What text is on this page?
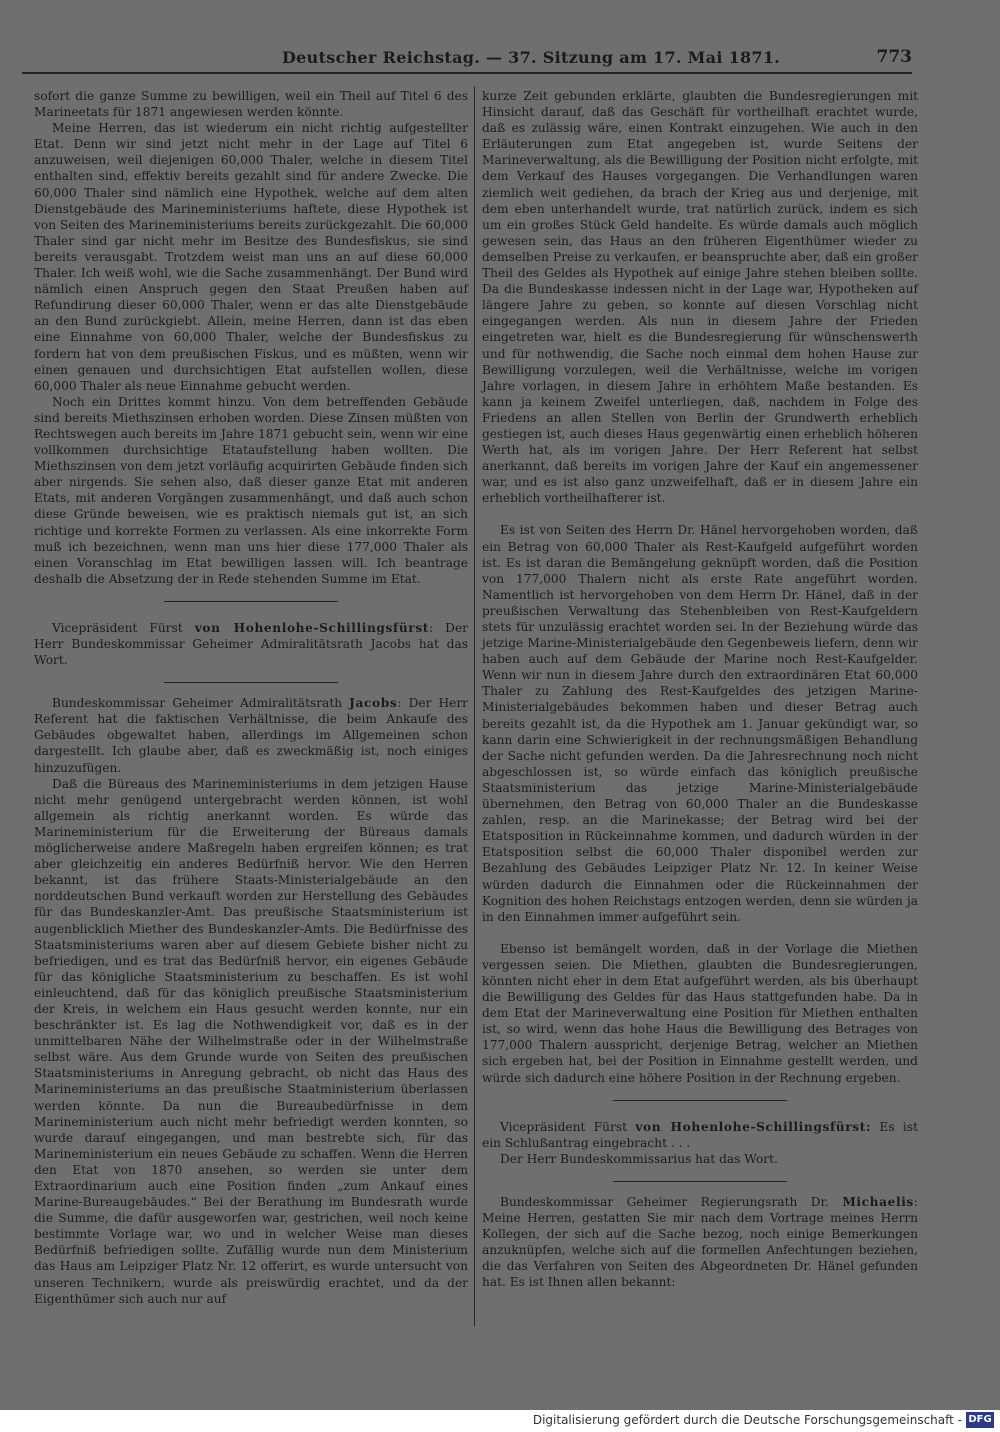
Deutscher Reichstag. — 37. Sitzung am 17. Mai 1871.	773

sofort die ganze Summe zu bewilligen, weil ein Theil auf Titel 6 des Marineetats für 1871 angewiesen werden könnte.

Meine Herren, das ist wiederum ein nicht richtig aufgestellter Etat. Denn wir sind jetzt nicht mehr in der Lage auf Titel 6 anzuweisen, weil diejenigen 60,000 Thaler, welche in diesem Titel enthalten sind, effektiv bereits gezahlt sind für andere Zwecke. Die 60,000 Thaler sind nämlich eine Hypothek, welche auf dem alten Dienstgebäude des Marineministeriums haftete, diese Hypothek ist von Seiten des Marineministeriums bereits zurückgezahlt. Die 60,000 Thaler sind gar nicht mehr im Besitze des Bundesfiskus, sie sind bereits verausgabt. Trotzdem weist man uns an auf diese 60,000 Thaler. Ich weiß wohl, wie die Sache zusammenhängt. Der Bund wird nämlich einen Anspruch gegen den Staat Preußen haben auf Refundirung dieser 60,000 Thaler, wenn er das alte Dienstgebäude an den Bund zurückgiebt. Allein, meine Herren, dann ist das eben eine Einnahme von 60,000 Thaler, welche der Bundesfiskus zu fordern hat von dem preußischen Fiskus, und es müßten, wenn wir einen genauen und durchsichtigen Etat aufstellen wollen, diese 60,000 Thaler als neue Einnahme gebucht werden.

Noch ein Drittes kommt hinzu. Von dem betreffenden Gebäude sind bereits Miethszinsen erhoben worden. Diese Zinsen müßten von Rechtswegen auch bereits im Jahre 1871 gebucht sein, wenn wir eine vollkommen durchsichtige Etataufstellung haben wollten. Die Miethszinsen von dem jetzt vorläufig acquirirten Gebäude finden sich aber nirgends. Sie sehen also, daß dieser ganze Etat mit anderen Etats, mit anderen Vorgängen zusammenhängt, und daß auch schon diese Gründe beweisen, wie es praktisch niemals gut ist, an sich richtige und korrekte Formen zu verlassen. Als eine inkorrekte Form muß ich bezeichnen, wenn man uns hier diese 177,000 Thaler als einen Voranschlag im Etat bewilligen lassen will. Ich beantrage deshalb die Absetzung der in Rede stehenden Summe im Etat.

Vicepräsident Fürst von Hohenlohe-Schillingsfürst: Der Herr Bundeskommissar Geheimer Admiralitätsrath Jacobs hat das Wort.

Bundeskommissar Geheimer Admiralitätsrath Jacobs: Der Herr Referent hat die faktischen Verhältnisse, die beim Ankaufe des Gebäudes obgewaltet haben, allerdings im Allgemeinen schon dargestellt. Ich glaube aber, daß es zweckmäßig ist, noch einiges hinzuzufügen.

Daß die Büreaus des Marineministeriums in dem jetzigen Hause nicht mehr genügend untergebracht werden können, ist wohl allgemein als richtig anerkannt worden. Es würde das Marineministerium für die Erweiterung der Büreaus damals möglicherweise andere Maßregeln haben ergreifen können; es trat aber gleichzeitig ein anderes Bedürfniß hervor. Wie den Herren bekannt, ist das frühere Staats-Ministerialgebäude an den norddeutschen Bund verkauft worden zur Herstellung des Gebäudes für das Bundeskanzler-Amt. Das preußische Staatsministerium ist augenblicklich Miether des Bundeskanzler-Amts. Die Bedürfnisse des Staatsministeriums waren aber auf diesem Gebiete bisher nicht zu befriedigen, und es trat das Bedürfniß hervor, ein eigenes Gebäude für das königliche Staatsministerium zu beschaffen. Es ist wohl einleuchtend, daß für das königlich preußische Staatsministerium der Kreis, in welchem ein Haus gesucht werden konnte, nur ein beschränkter ist. Es lag die Nothwendigkeit vor, daß es in der unmittelbaren Nähe der Wilhelmstraße oder in der Wilhelmstraße selbst wäre. Aus dem Grunde wurde von Seiten des preußischen Staatsministeriums in Anregung gebracht, ob nicht das Haus des Marineministeriums an das preußische Staatministerium überlassen werden könnte. Da nun die Bureaubedürfnisse in dem Marineministerium auch nicht mehr befriedigt werden konnten, so wurde darauf eingegangen, und man bestrebte sich, für das Marineministerium ein neues Gebäude zu schaffen. Wenn die Herren den Etat von 1870 ansehen, so werden sie unter dem Extraordinarium auch eine Position finden „zum Ankauf eines Marine-Bureaugebäudes.“ Bei der Berathung im Bundesrath wurde die Summe, die dafür ausgeworfen war, gestrichen, weil noch keine bestimmte Vorlage war, wo und in welcher Weise man dieses Bedürfniß befriedigen sollte. Zufällig wurde nun dem Ministerium das Haus am Leipziger Platz Nr. 12 offerirt, es wurde untersucht von unseren Technikern, wurde als preiswürdig erachtet, und da der Eigenthümer sich auch nur auf

kurze Zeit gebunden erklärte, glaubten die Bundesregierungen mit Hinsicht darauf, daß das Geschäft für vortheilhaft erachtet wurde, daß es zulässig wäre, einen Kontrakt einzugehen. Wie auch in den Erläuterungen zum Etat angegeben ist, wurde Seitens der Marineverwaltung, als die Bewilligung der Position nicht erfolgte, mit dem Verkauf des Hauses vorgegangen. Die Verhandlungen waren ziemlich weit gediehen, da brach der Krieg aus und derjenige, mit dem eben unterhandelt wurde, trat natürlich zurück, indem es sich um ein großes Stück Geld handelte. Es würde damals auch möglich gewesen sein, das Haus an den früheren Eigenthümer wieder zu demselben Preise zu verkaufen, er beanspruchte aber, daß ein großer Theil des Geldes als Hypothek auf einige Jahre stehen bleiben sollte. Da die Bundeskasse indessen nicht in der Lage war, Hypotheken auf längere Jahre zu geben, so konnte auf diesen Vorschlag nicht eingegangen werden. Als nun in diesem Jahre der Frieden eingetreten war, hielt es die Bundesregierung für wünschenswerth und für nothwendig, die Sache noch einmal dem hohen Hause zur Bewilligung vorzulegen, weil die Verhältnisse, welche im vorigen Jahre vorlagen, in diesem Jahre in erhöhtem Maße bestanden. Es kann ja keinem Zweifel unterliegen, daß, nachdem in Folge des Friedens an allen Stellen von Berlin der Grundwerth erheblich gestiegen ist, auch dieses Haus gegenwärtig einen erheblich höheren Werth hat, als im vorigen Jahre. Der Herr Referent hat selbst anerkannt, daß bereits im vorigen Jahre der Kauf ein angemessener war, und es ist also ganz unzweifelhaft, daß er in diesem Jahre ein erheblich vortheilhafterer ist.

Es ist von Seiten des Herrn Dr. Hänel hervorgehoben worden, daß ein Betrag von 60,000 Thaler als Rest-Kaufgeld aufgeführt worden ist. Es ist daran die Bemängelung geknüpft worden, daß die Position von 177,000 Thalern nicht als erste Rate angeführt worden. Namentlich ist hervorgehoben von dem Herrn Dr. Hänel, daß in der preußischen Verwaltung das Stehenbleiben von Rest-Kaufgeldern stets für unzulässig erachtet worden sei. In der Beziehung würde das jetzige Marine-Ministerialgebäude den Gegenbeweis liefern, denn wir haben auch auf dem Gebäude der Marine noch Rest-Kaufgelder. Wenn wir nun in diesem Jahre durch den extraordinären Etat 60,000 Thaler zu Zahlung des Rest-Kaufgeldes des jetzigen Marine-Ministerialgebäudes bekommen haben und dieser Betrag auch bereits gezahlt ist, da die Hypothek am 1. Januar gekündigt war, so kann darin eine Schwierigkeit in der rechnungsmäßigen Behandlung der Sache nicht gefunden werden. Da die Jahresrechnung noch nicht abgeschlossen ist, so würde einfach das königlich preußische Staatsministerium das jetzige Marine-Ministerialgebäude übernehmen, den Betrag von 60,000 Thaler an die Bundeskasse zahlen, resp. an die Marinekasse; der Betrag wird bei der Etatsposition in Rückeinnahme kommen, und dadurch würden in der Etatsposition selbst die 60,000 Thaler disponibel werden zur Bezahlung des Gebäudes Leipziger Platz Nr. 12. In keiner Weise würden dadurch die Einnahmen oder die Rückeinnahmen der Kognition des hohen Reichstags entzogen werden, denn sie würden ja in den Einnahmen immer aufgeführt sein.

Ebenso ist bemängelt worden, daß in der Vorlage die Miethen vergessen seien. Die Miethen, glaubten die Bundesregierungen, könnten nicht eher in dem Etat aufgeführt werden, als bis überhaupt die Bewilligung des Geldes für das Haus stattgefunden habe. Da in dem Etat der Marineverwaltung eine Position für Miethen enthalten ist, so wird, wenn das hohe Haus die Bewilligung des Betrages von 177,000 Thalern ausspricht, derjenige Betrag, welcher an Miethen sich ergeben hat, bei der Position in Einnahme gestellt werden, und würde sich dadurch eine höhere Position in der Rechnung ergeben.

Vicepräsident Fürst von Hohenlohe-Schillingsfürst: Es ist ein Schlußantrag eingebracht . . .

Der Herr Bundeskommissarius hat das Wort.

Bundeskommissar Geheimer Regierungsrath Dr. Michaelis: Meine Herren, gestatten Sie mir nach dem Vortrage meines Herrn Kollegen, der sich auf die Sache bezog, noch einige Bemerkungen anzuknüpfen, welche sich auf die formellen Anfechtungen beziehen, die das Verfahren von Seiten des Abgeordneten Dr. Hänel gefunden hat. Es ist Ihnen allen bekannt:

Digitalisierung gefördert durch die Deutsche Forschungsgemeinschaft - DFG
